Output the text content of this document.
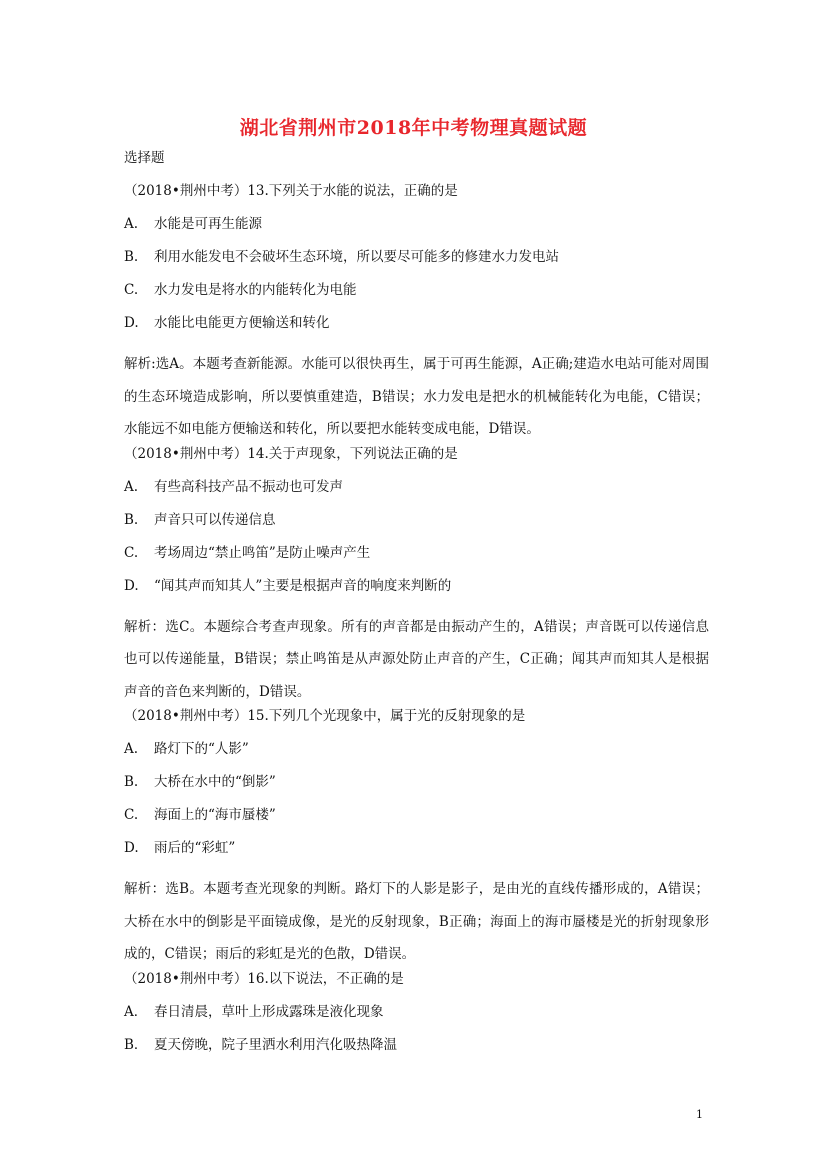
湖北省荆州市2018年中考物理真题试题
选择题
（2018•荆州中考）13.下列关于水能的说法，正确的是
A. 水能是可再生能源
B. 利用水能发电不会破坏生态环境，所以要尽可能多的修建水力发电站
C. 水力发电是将水的内能转化为电能
D. 水能比电能更方便输送和转化

解析:选A。本题考查新能源。水能可以很快再生，属于可再生能源，A正确;建造水电站可能对周围的生态环境造成影响，所以要慎重建造，B错误；水力发电是把水的机械能转化为电能，C错误；水能远不如电能方便输送和转化，所以要把水能转变成电能，D错误。

（2018•荆州中考）14.关于声现象，下列说法正确的是
A. 有些高科技产品不振动也可发声
B. 声音只可以传递信息
C. 考场周边“禁止鸣笛”是防止噪声产生
D. “闻其声而知其人”主要是根据声音的响度来判断的

解析：选C。本题综合考查声现象。所有的声音都是由振动产生的，A错误；声音既可以传递信息也可以传递能量，B错误；禁止鸣笛是从声源处防止声音的产生，C正确；闻其声而知其人是根据声音的音色来判断的，D错误。

（2018•荆州中考）15.下列几个光现象中，属于光的反射现象的是
A. 路灯下的“人影”
B. 大桥在水中的“倒影”
C. 海面上的“海市蜃楼”
D. 雨后的“彩虹”

解析：选B。本题考查光现象的判断。路灯下的人影是影子，是由光的直线传播形成的，A错误；大桥在水中的倒影是平面镜成像，是光的反射现象，B正确；海面上的海市蜃楼是光的折射现象形成的，C错误；雨后的彩虹是光的色散，D错误。

（2018•荆州中考）16.以下说法，不正确的是
A． 春日清晨，草叶上形成露珠是液化现象
B． 夏天傍晚，院子里洒水利用汽化吸热降温
1
